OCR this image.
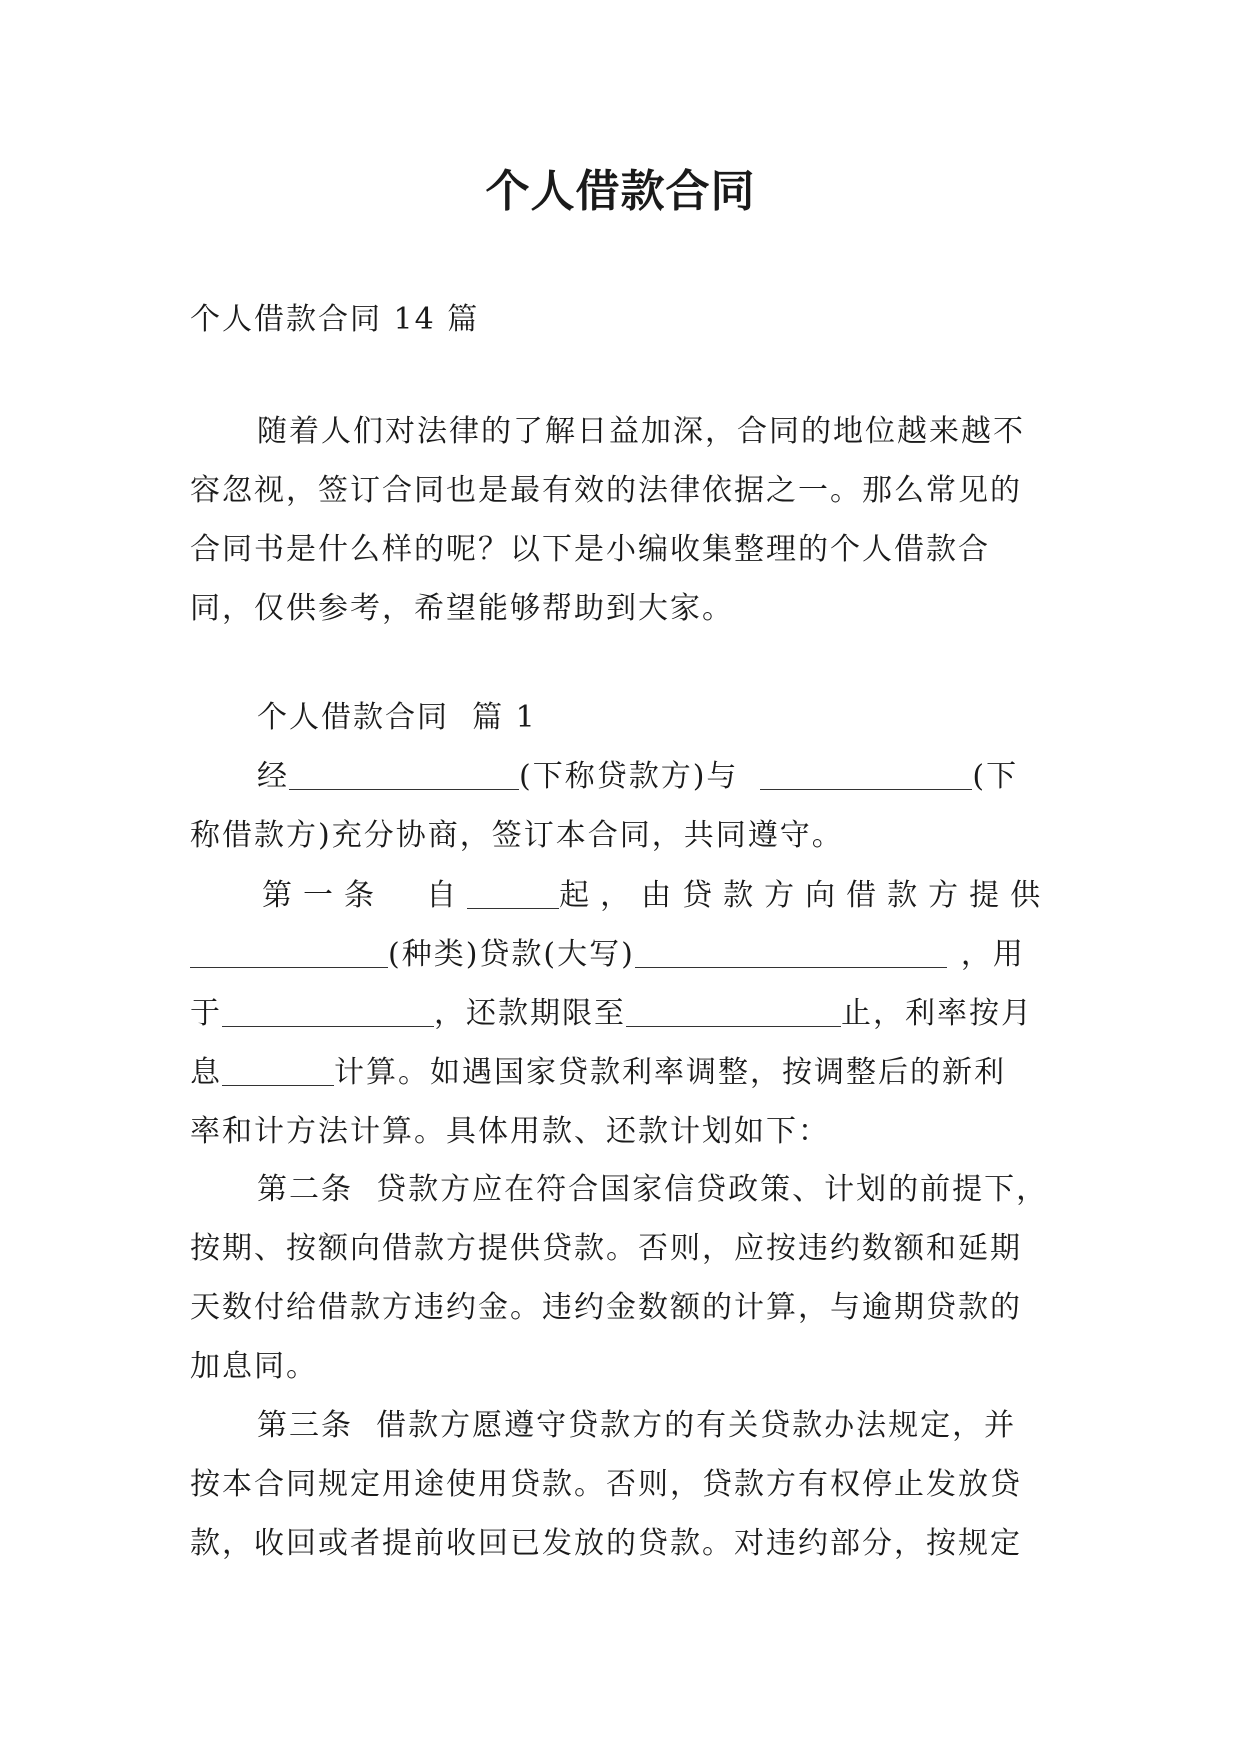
个人借款合同
个人借款合同 14 篇
随着人们对法律的了解日益加深，合同的地位越来越不
容忽视，签订合同也是最有效的法律依据之一。那么常见的
合同书是什么样的呢？以下是小编收集整理的个人借款合
同，仅供参考，希望能够帮助到大家。
个人借款合同  篇 1
经	(下称贷款方)与	(下
称借款方)充分协商，签订本合同，共同遵守。
第一条  自	起，由贷款方向借款方提供
(种类)贷款(大写)	，用
于	，还款期限至	止，利率按月
息	计算。如遇国家贷款利率调整，按调整后的新利
率和计方法计算。具体用款、还款计划如下：
第二条  贷款方应在符合国家信贷政策、计划的前提下，
按期、按额向借款方提供贷款。否则，应按违约数额和延期
天数付给借款方违约金。违约金数额的计算，与逾期贷款的
加息同。
第三条  借款方愿遵守贷款方的有关贷款办法规定，并
按本合同规定用途使用贷款。否则，贷款方有权停止发放贷
款，收回或者提前收回已发放的贷款。对违约部分，按规定
